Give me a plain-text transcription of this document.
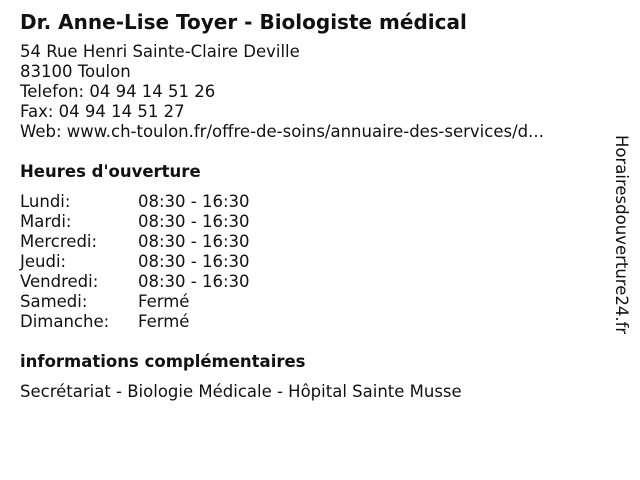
Dr. Anne-Lise Toyer - Biologiste médical
54 Rue Henri Sainte-Claire Deville
83100 Toulon
Telefon: 04 94 14 51 26
Fax: 04 94 14 51 27
Web: www.ch-toulon.fr/offre-de-soins/annuaire-des-services/d...
Heures d'ouverture
Lundi:	08:30 - 16:30
Mardi:	08:30 - 16:30
Mercredi:	08:30 - 16:30
Jeudi:	08:30 - 16:30
Vendredi:	08:30 - 16:30
Samedi:	Fermé
Dimanche:	Fermé
informations complémentaires
Secrétariat - Biologie Médicale - Hôpital Sainte Musse
Horairesdouverture24.fr
